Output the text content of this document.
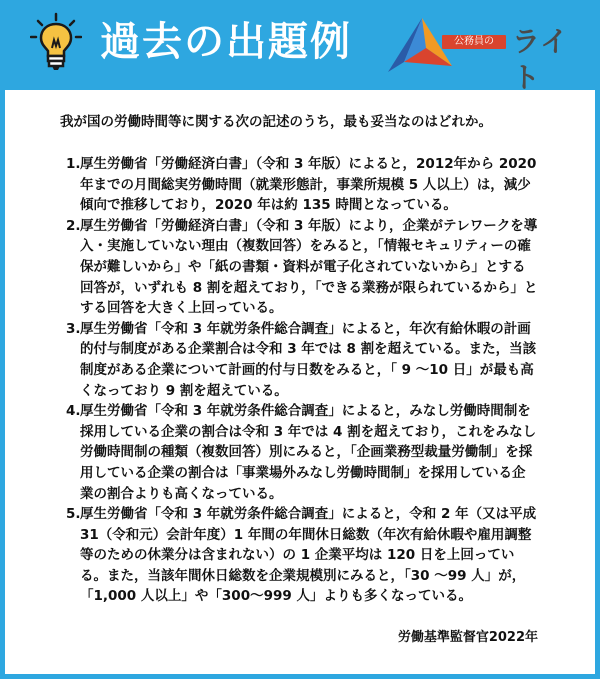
過去の出題例	公務員の ライト

我が国の労働時間等に関する次の記述のうち，最も妥当なのはどれか。

1. 厚生労働省「労働経済白書」（令和 3 年版）によると，2012年から 2020 年までの月間総実労働時間（就業形態計，事業所規模 5 人以上）は，減少傾向で推移しており，2020 年は約 135 時間となっている。
2. 厚生労働省「労働経済白書」（令和 3 年版）により，企業がテレワークを導入・実施していない理由（複数回答）をみると，「情報セキュリティーの確保が難しいから」や「紙の書類・資料が電子化されていないから」とする回答が，いずれも 8 割を超えており，「できる業務が限られているから」とする回答を大きく上回っている。
3. 厚生労働省「令和 3 年就労条件総合調査」によると，年次有給休暇の計画的付与制度がある企業割合は令和 3 年では 8 割を超えている。また，当該制度がある企業について計画的付与日数をみると，「 9 ～10 日」が最も高くなっており 9 割を超えている。
4. 厚生労働省「令和 3 年就労条件総合調査」によると，みなし労働時間制を採用している企業の割合は令和 3 年では 4 割を超えており，これをみなし労働時間制の種類（複数回答）別にみると，「企画業務型裁量労働制」を採用している企業の割合は「事業場外みなし労働時間制」を採用している企業の割合よりも高くなっている。
5. 厚生労働省「令和 3 年就労条件総合調査」によると，令和 2 年（又は平成 31（令和元）会計年度）1 年間の年間休日総数（年次有給休暇や雇用調整等のための休業分は含まれない）の 1 企業平均は 120 日を上回っている。また，当該年間休日総数を企業規模別にみると，「30 ～99 人」が，「1,000 人以上」や「300～999 人」よりも多くなっている。
労働基準監督官2022年
